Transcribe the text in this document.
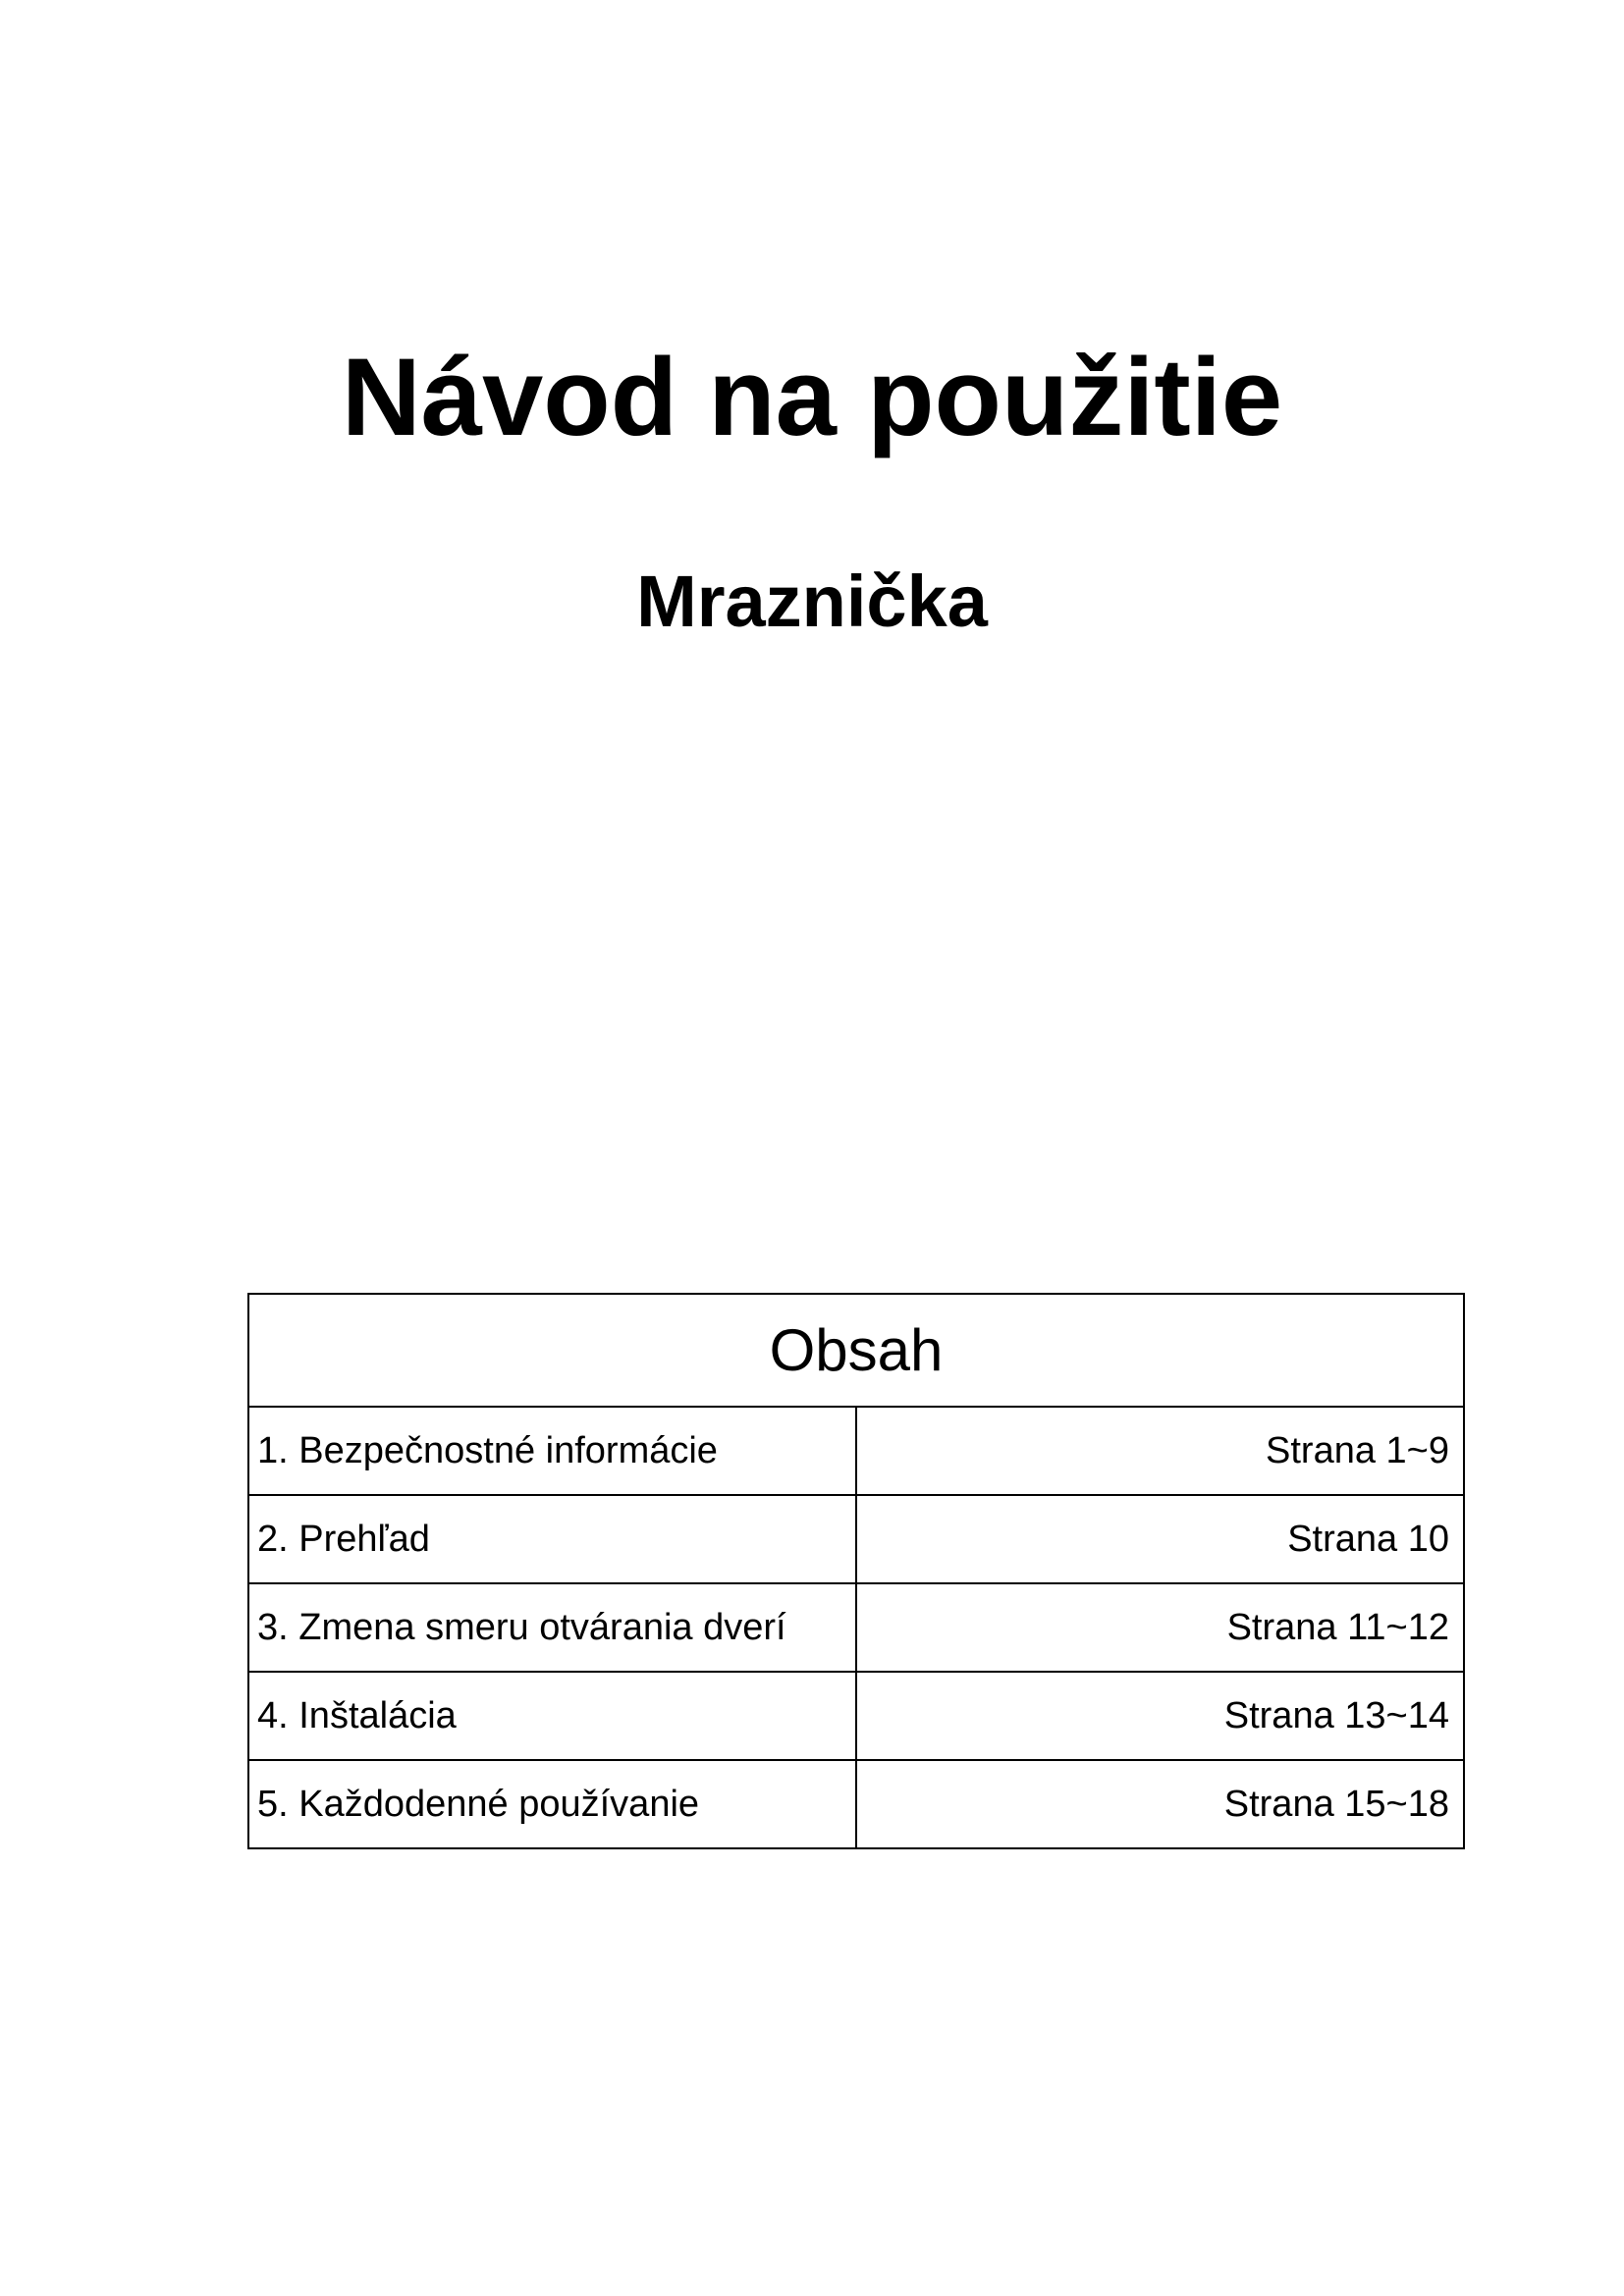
Návod na použitie
Mraznička
Obsah	
1. Bezpečnostné informácie	Strana 1~9
2. Prehľad	Strana 10
3. Zmena smeru otvárania dverí	Strana 11~12
4. Inštalácia	Strana 13~14
5. Každodenné používanie	Strana 15~18
